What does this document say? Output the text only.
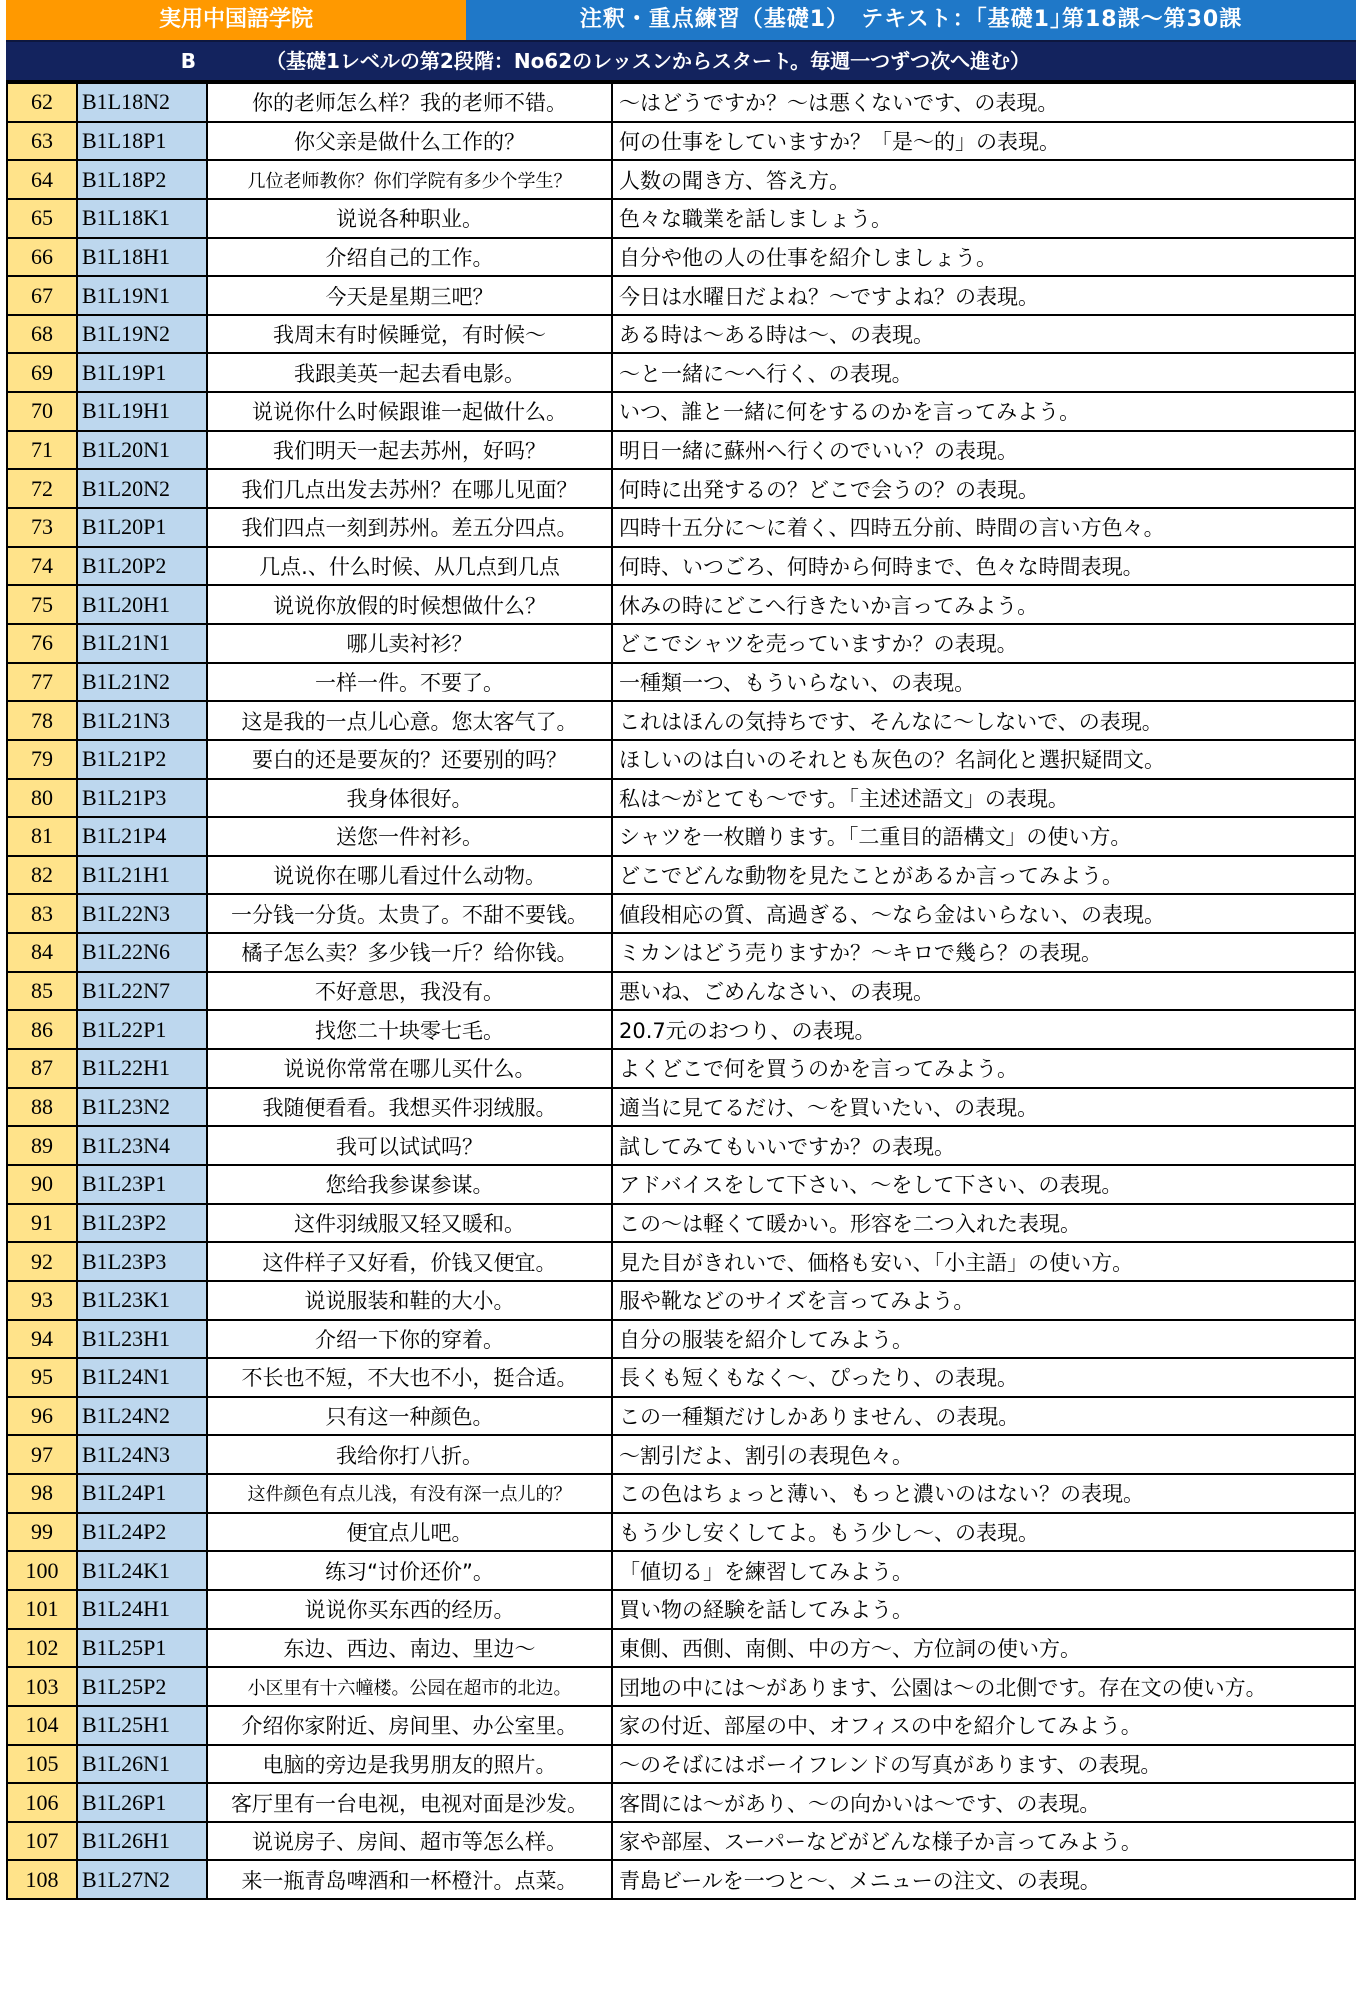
実用中国語学院	注釈・重点練習（基礎1）　テキスト：｢基礎1｣第18課～第30課
B	（基礎1レベルの第2段階：No62のレッスンからスタート。毎週一つずつ次へ進む）
62	B1L18N2	你的老师怎么样？我的老师不错。	～はどうですか？～は悪くないです、の表現。
63	B1L18P1	你父亲是做什么工作的？	何の仕事をしていますか？「是～的」の表現。
64	B1L18P2	几位老师教你？你们学院有多少个学生？	人数の聞き方、答え方。
65	B1L18K1	说说各种职业。	色々な職業を話しましょう。
66	B1L18H1	介绍自己的工作。	自分や他の人の仕事を紹介しましょう。
67	B1L19N1	今天是星期三吧？	今日は水曜日だよね？～ですよね？の表現。
68	B1L19N2	我周末有时候睡觉，有时候～	ある時は～ある時は～、の表現。
69	B1L19P1	我跟美英一起去看电影。	～と一緒に～へ行く、の表現。
70	B1L19H1	说说你什么时候跟谁一起做什么。	いつ、誰と一緒に何をするのかを言ってみよう。
71	B1L20N1	我们明天一起去苏州，好吗？	明日一緒に蘇州へ行くのでいい？の表現。
72	B1L20N2	我们几点出发去苏州？在哪儿见面？	何時に出発するの？どこで会うの？の表現。
73	B1L20P1	我们四点一刻到苏州。差五分四点。	四時十五分に～に着く、四時五分前、時間の言い方色々。
74	B1L20P2	几点.、什么时候、从几点到几点	何時、いつごろ、何時から何時まで、色々な時間表現。
75	B1L20H1	说说你放假的时候想做什么？	休みの時にどこへ行きたいか言ってみよう。
76	B1L21N1	哪儿卖衬衫？	どこでシャツを売っていますか？の表現。
77	B1L21N2	一样一件。不要了。	一種類一つ、もういらない、の表現。
78	B1L21N3	这是我的一点儿心意。您太客气了。	これはほんの気持ちです、そんなに～しないで、の表現。
79	B1L21P2	要白的还是要灰的？还要别的吗？	ほしいのは白いのそれとも灰色の？名詞化と選択疑問文。
80	B1L21P3	我身体很好。	私は～がとても～です。「主述述語文」の表現。
81	B1L21P4	送您一件衬衫。	シャツを一枚贈ります。「二重目的語構文」の使い方。
82	B1L21H1	说说你在哪儿看过什么动物。	どこでどんな動物を見たことがあるか言ってみよう。
83	B1L22N3	一分钱一分货。太贵了。不甜不要钱。	値段相応の質、高過ぎる、～なら金はいらない、の表現。
84	B1L22N6	橘子怎么卖？多少钱一斤？给你钱。	ミカンはどう売りますか？～キロで幾ら？の表現。
85	B1L22N7	不好意思，我没有。	悪いね、ごめんなさい、の表現。
86	B1L22P1	找您二十块零七毛。	20.7元のおつり、の表現。
87	B1L22H1	说说你常常在哪儿买什么。	よくどこで何を買うのかを言ってみよう。
88	B1L23N2	我随便看看。我想买件羽绒服。	適当に見てるだけ、～を買いたい、の表現。
89	B1L23N4	我可以试试吗？	試してみてもいいですか？の表現。
90	B1L23P1	您给我参谋参谋。	アドバイスをして下さい、～をして下さい、の表現。
91	B1L23P2	这件羽绒服又轻又暖和。	この～は軽くて暖かい。形容を二つ入れた表現。
92	B1L23P3	这件样子又好看，价钱又便宜。	見た目がきれいで、価格も安い、「小主語」の使い方。
93	B1L23K1	说说服装和鞋的大小。	服や靴などのサイズを言ってみよう。
94	B1L23H1	介绍一下你的穿着。	自分の服装を紹介してみよう。
95	B1L24N1	不长也不短，不大也不小，挺合适。	長くも短くもなく～、ぴったり、の表現。
96	B1L24N2	只有这一种颜色。	この一種類だけしかありません、の表現。
97	B1L24N3	我给你打八折。	～割引だよ、割引の表現色々。
98	B1L24P1	这件颜色有点儿浅，有没有深一点儿的？	この色はちょっと薄い、もっと濃いのはない？の表現。
99	B1L24P2	便宜点儿吧。	もう少し安くしてよ。もう少し～、の表現。
100	B1L24K1	练习“讨价还价”。	「値切る」を練習してみよう。
101	B1L24H1	说说你买东西的经历。	買い物の経験を話してみよう。
102	B1L25P1	东边、西边、南边、里边～	東側、西側、南側、中の方～、方位詞の使い方。
103	B1L25P2	小区里有十六幢楼。公园在超市的北边。	団地の中には～があります、公園は～の北側です。存在文の使い方。
104	B1L25H1	介绍你家附近、房间里、办公室里。	家の付近、部屋の中、オフィスの中を紹介してみよう。
105	B1L26N1	电脑的旁边是我男朋友的照片。	～のそばにはボーイフレンドの写真があります、の表現。
106	B1L26P1	客厅里有一台电视，电视对面是沙发。	客間には～があり、～の向かいは～です、の表現。
107	B1L26H1	说说房子、房间、超市等怎么样。	家や部屋、スーパーなどがどんな様子か言ってみよう。
108	B1L27N2	来一瓶青岛啤酒和一杯橙汁。点菜。	青島ビールを一つと～、メニューの注文、の表現。
